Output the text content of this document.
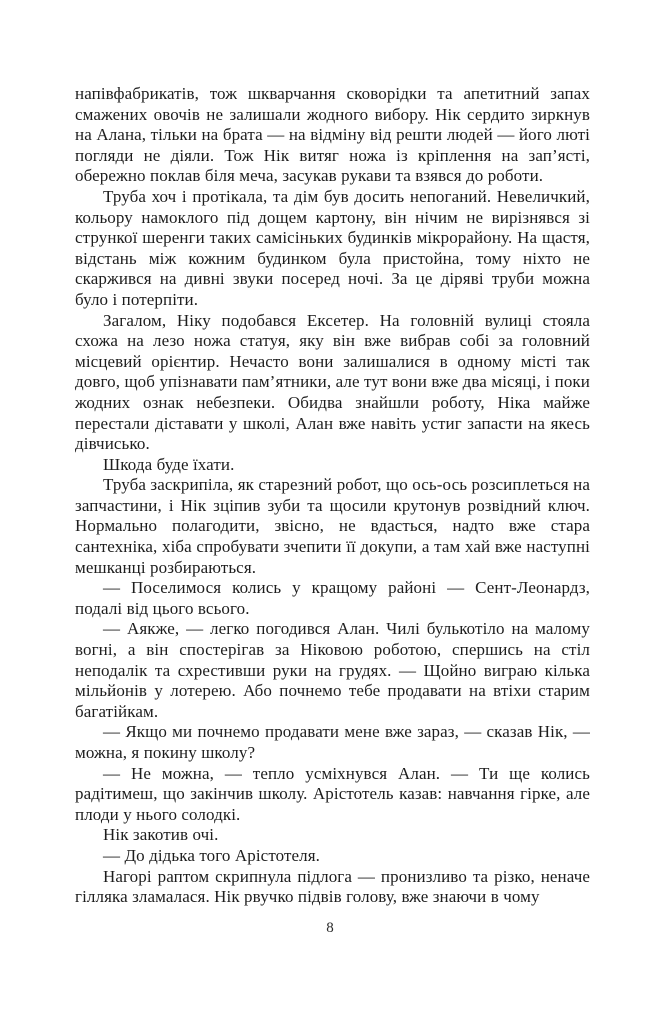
напівфабрикатів, тож шкварчання сковорідки та апетитний запах смажених овочів не залишали жодного вибору. Нік сердито зиркнув на Алана, тільки на брата — на відміну від решти людей — його люті погляди не діяли. Тож Нік витяг ножа із кріплення на зап’ясті, обережно поклав біля меча, засукав рукави та взявся до роботи.

Труба хоч і протікала, та дім був досить непоганий. Невеличкий, кольору намоклого під дощем картону, він нічим не вирізнявся зі стрункої шеренги таких самісіньких будинків мікрорайону. На щастя, відстань між кожним будинком була пристойна, тому ніхто не скаржився на дивні звуки посеред ночі. За це діряві труби можна було і потерпіти.

Загалом, Ніку подобався Ексетер. На головній вулиці стояла схожа на лезо ножа статуя, яку він вже вибрав собі за головний місцевий орієнтир. Нечасто вони залишалися в одному місті так довго, щоб упізнавати пам’ятники, але тут вони вже два місяці, і поки жодних ознак небезпеки. Обидва знайшли роботу, Ніка майже перестали діставати у школі, Алан вже навіть устиг запасти на якесь дівчисько.

Шкода буде їхати.

Труба заскрипіла, як старезний робот, що ось-ось розсиплеться на запчастини, і Нік зціпив зуби та щосили крутонув розвідний ключ. Нормально полагодити, звісно, не вдасться, надто вже стара сантехніка, хіба спробувати зчепити її докупи, а там хай вже наступні мешканці розбираються.

— Поселимося колись у кращому районі — Сент-Леонардз, подалі від цього всього.

— Аякже, — легко погодився Алан. Чилі булькотіло на малому вогні, а він спостерігав за Ніковою роботою, спершись на стіл неподалік та схрестивши руки на грудях. — Щойно виграю кілька мільйонів у лотерею. Або почнемо тебе продавати на втіхи старим багатійкам.

— Якщо ми почнемо продавати мене вже зараз, — сказав Нік, — можна, я покину школу?

— Не можна, — тепло усміхнувся Алан. — Ти ще колись радітимеш, що закінчив школу. Арістотель казав: навчання гірке, але плоди у нього солодкі.

Нік закотив очі.

— До дідька того Арістотеля.

Нагорі раптом скрипнула підлога — пронизливо та різко, неначе гілляка зламалася. Нік рвучко підвів голову, вже знаючи в чому

8
